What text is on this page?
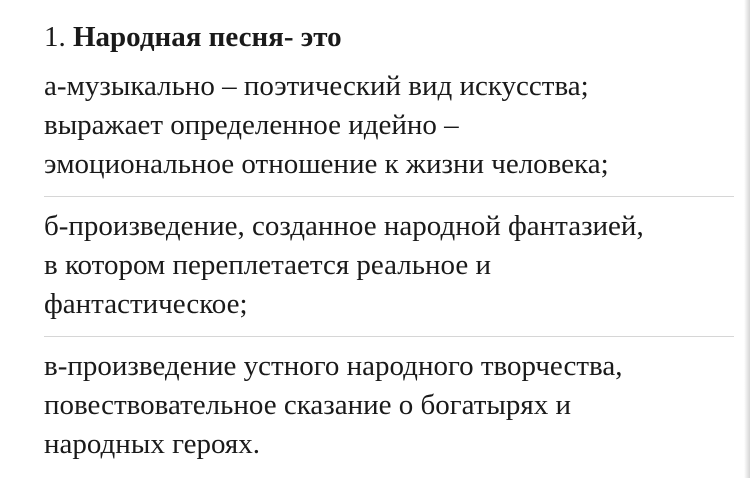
1. Народная песня- это
а-музыкально – поэтический вид искусства;
выражает определенное идейно –
эмоциональное отношение к жизни человека;
б-произведение, созданное народной фантазией,
в котором переплетается реальное и
фантастическое;
в-произведение устного народного творчества,
повествовательное сказание о богатырях и
народных героях.
